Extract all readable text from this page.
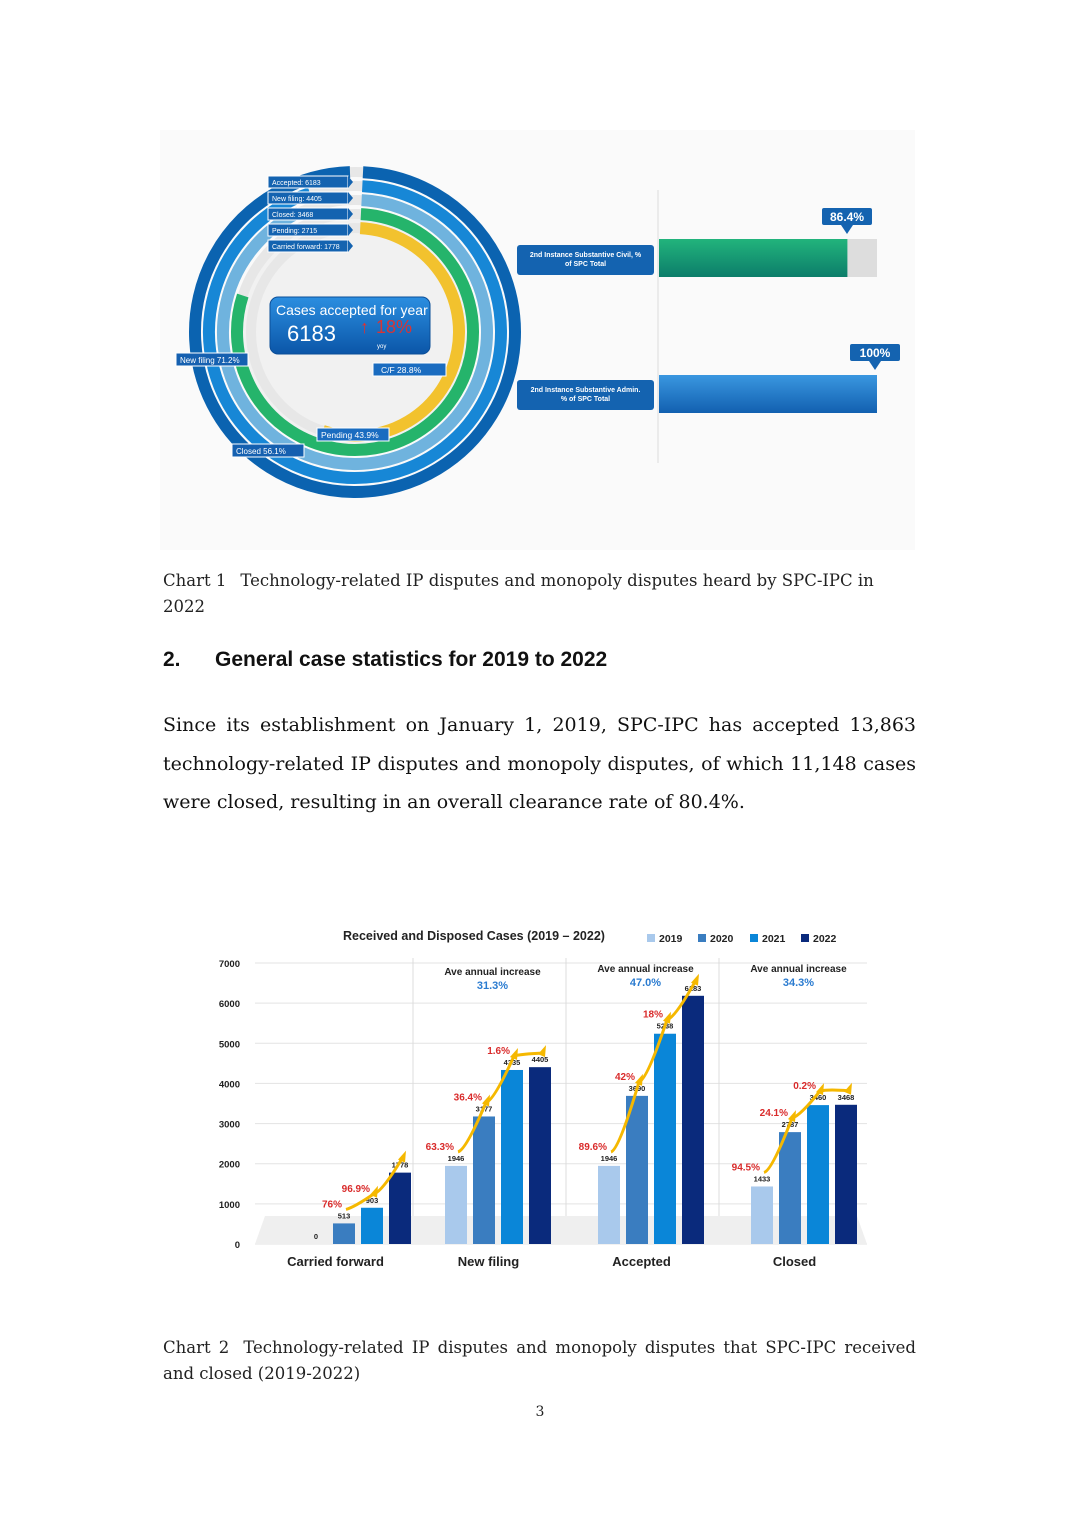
Accepted: 6183
New filing: 4405
Closed: 3468
Pending: 2715
Carried forward: 1778
Cases accepted for year
6183 ↑ 18%
yoy
New filing 71.2%
C/F 28.8%
Pending 43.9%
Closed 56.1%
2nd Instance Substantive Civil, %
of SPC Total
86.4%
2nd Instance Substantive Admin.
% of SPC Total
100%
Chart 1 Technology-related IP disputes and monopoly disputes heard by SPC-IPC in 2022
2. General case statistics for 2019 to 2022
Since its establishment on January 1, 2019, SPC-IPC has accepted 13,863 technology-related IP disputes and monopoly disputes, of which 11,148 cases were closed, resulting in an overall clearance rate of 80.4%.
Received and Disposed Cases (2019 – 2022)	2019	2020	2021	2022
0
1000
2000
3000
4000
5000
6000
7000
0
513
903
1778
76%
96.9%
1946
3177
4335 4405
63.3%
36.4%
1.6%
1946
3690
5238
6183
89.6%
42%
18%
1433
2787
3460 3468
94.5%
24.1%
0.2%
Carried forward	New filing	Accepted	Closed
Ave annual increase
31.3%
Ave annual increase
47.0%
Ave annual increase
34.3%
Chart 2 Technology-related IP disputes and monopoly disputes that SPC-IPC received and closed (2019-2022)
3
